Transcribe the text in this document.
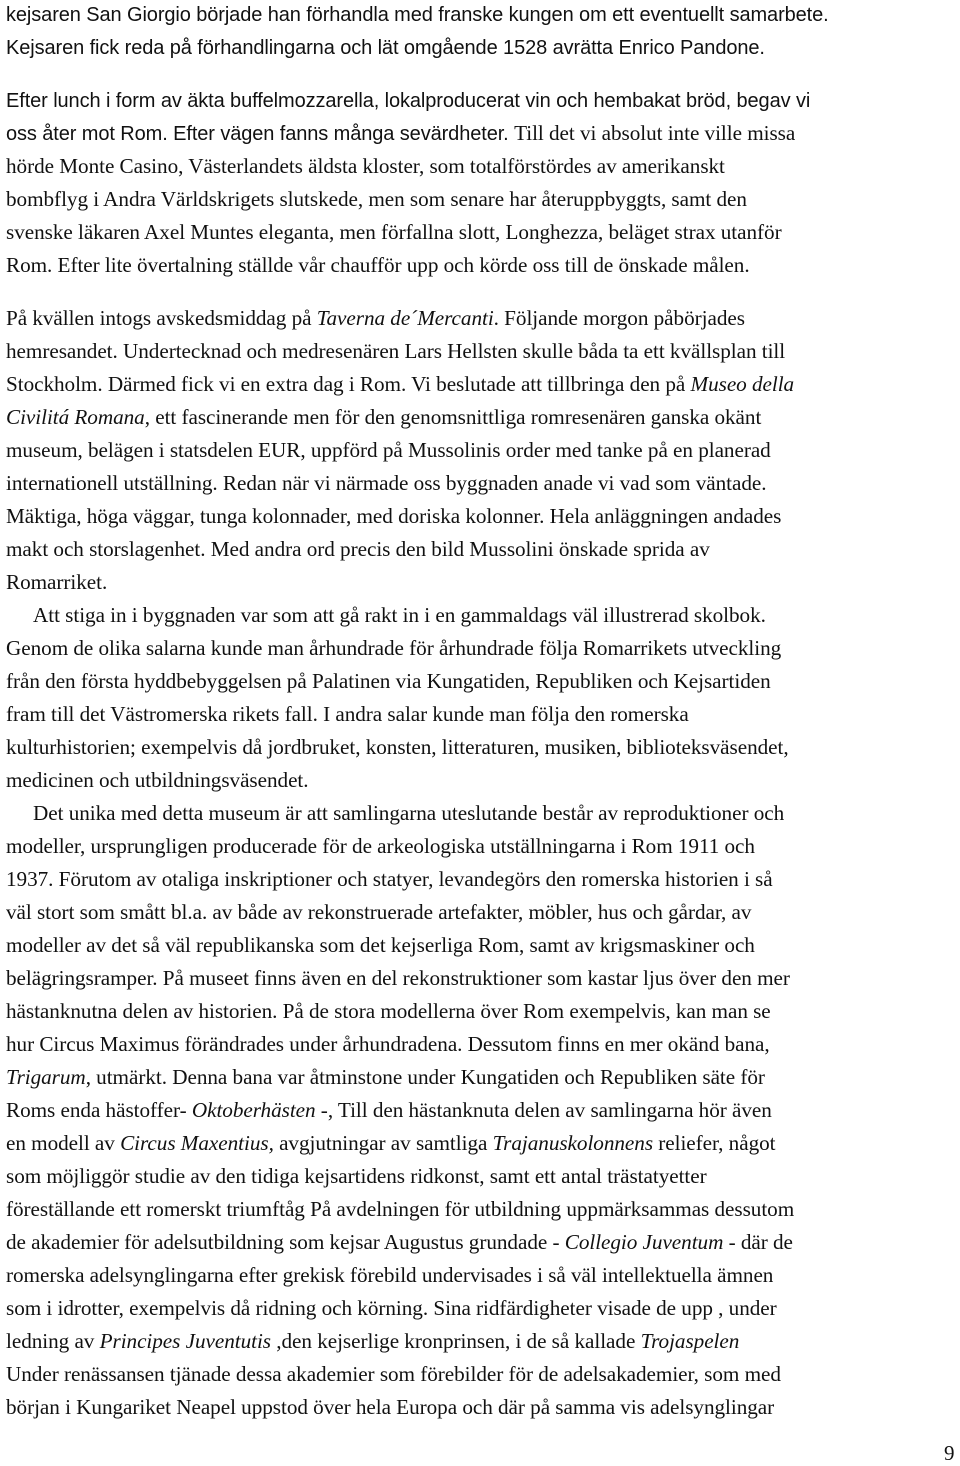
kejsaren San Giorgio började han förhandla med franske kungen om ett eventuellt samarbete.
Kejsaren fick reda på förhandlingarna och lät omgående 1528 avrätta Enrico Pandone.
Efter lunch i form av äkta buffelmozzarella, lokalproducerat vin och hembakat bröd, begav vi
oss åter mot Rom. Efter vägen fanns många sevärdheter. Till det vi absolut inte ville missa
hörde Monte Casino, Västerlandets äldsta kloster, som totalförstördes av amerikanskt
bombflyg i Andra Världskrigets slutskede, men som senare har återuppbyggts, samt den
svenske läkaren Axel Muntes eleganta, men förfallna slott, Longhezza, beläget strax utanför
Rom. Efter lite övertalning ställde vår chaufför upp och körde oss till de önskade målen.
På kvällen intogs avskedsmiddag på Taverna de´Mercanti. Följande morgon påbörjades
hemresandet. Undertecknad och medresenären Lars Hellsten skulle båda ta ett kvällsplan till
Stockholm. Därmed fick vi en extra dag i Rom. Vi beslutade att tillbringa den på Museo della
Civilitá Romana, ett fascinerande men för den genomsnittliga romresenären ganska okänt
museum, belägen i statsdelen EUR, uppförd på Mussolinis order med tanke på en planerad
internationell utställning. Redan när vi närmade oss byggnaden anade vi vad som väntade.
Mäktiga, höga väggar, tunga kolonnader, med doriska kolonner. Hela anläggningen andades
makt och storslagenhet. Med andra ord precis den bild Mussolini önskade sprida av
Romarriket.
Att stiga in i byggnaden var som att gå rakt in i en gammaldags väl illustrerad skolbok.
Genom de olika salarna kunde man århundrade för århundrade följa Romarrikets utveckling
från den första hyddbebyggelsen på Palatinen via Kungatiden, Republiken och Kejsartiden
fram till det Västromerska rikets fall. I andra salar kunde man följa den romerska
kulturhistorien; exempelvis då jordbruket, konsten, litteraturen, musiken, biblioteksväsendet,
medicinen och utbildningsväsendet.
Det unika med detta museum är att samlingarna uteslutande består av reproduktioner och
modeller, ursprungligen producerade för de arkeologiska utställningarna i Rom 1911 och
1937. Förutom av otaliga inskriptioner och statyer, levandegörs den romerska historien i så
väl stort som smått bl.a. av både av rekonstruerade artefakter, möbler, hus och gårdar, av
modeller av det så väl republikanska som det kejserliga Rom, samt av krigsmaskiner och
belägringsramper. På museet finns även en del rekonstruktioner som kastar ljus över den mer
hästanknutna delen av historien. På de stora modellerna över Rom exempelvis, kan man se
hur Circus Maximus förändrades under århundradena. Dessutom finns en mer okänd bana,
Trigarum, utmärkt. Denna bana var åtminstone under Kungatiden och Republiken säte för
Roms enda hästoffer- Oktoberhästen -, Till den hästanknuta delen av samlingarna hör även
en modell av Circus Maxentius, avgjutningar av samtliga Trajanuskolonnens reliefer, något
som möjliggör studie av den tidiga kejsartidens ridkonst, samt ett antal trästatyetter
föreställande ett romerskt triumftåg På avdelningen för utbildning uppmärksammas dessutom
de akademier för adelsutbildning som kejsar Augustus grundade - Collegio Juventum - där de
romerska adelsynglingarna efter grekisk förebild undervisades i så väl intellektuella ämnen
som i idrotter, exempelvis då ridning och körning. Sina ridfärdigheter visade de upp , under
ledning av Principes Juventutis ,den kejserlige kronprinsen, i de så kallade Trojaspelen
Under renässansen tjänade dessa akademier som förebilder för de adelsakademier, som med
början i Kungariket Neapel uppstod över hela Europa och där på samma vis adelsynglingar
9
